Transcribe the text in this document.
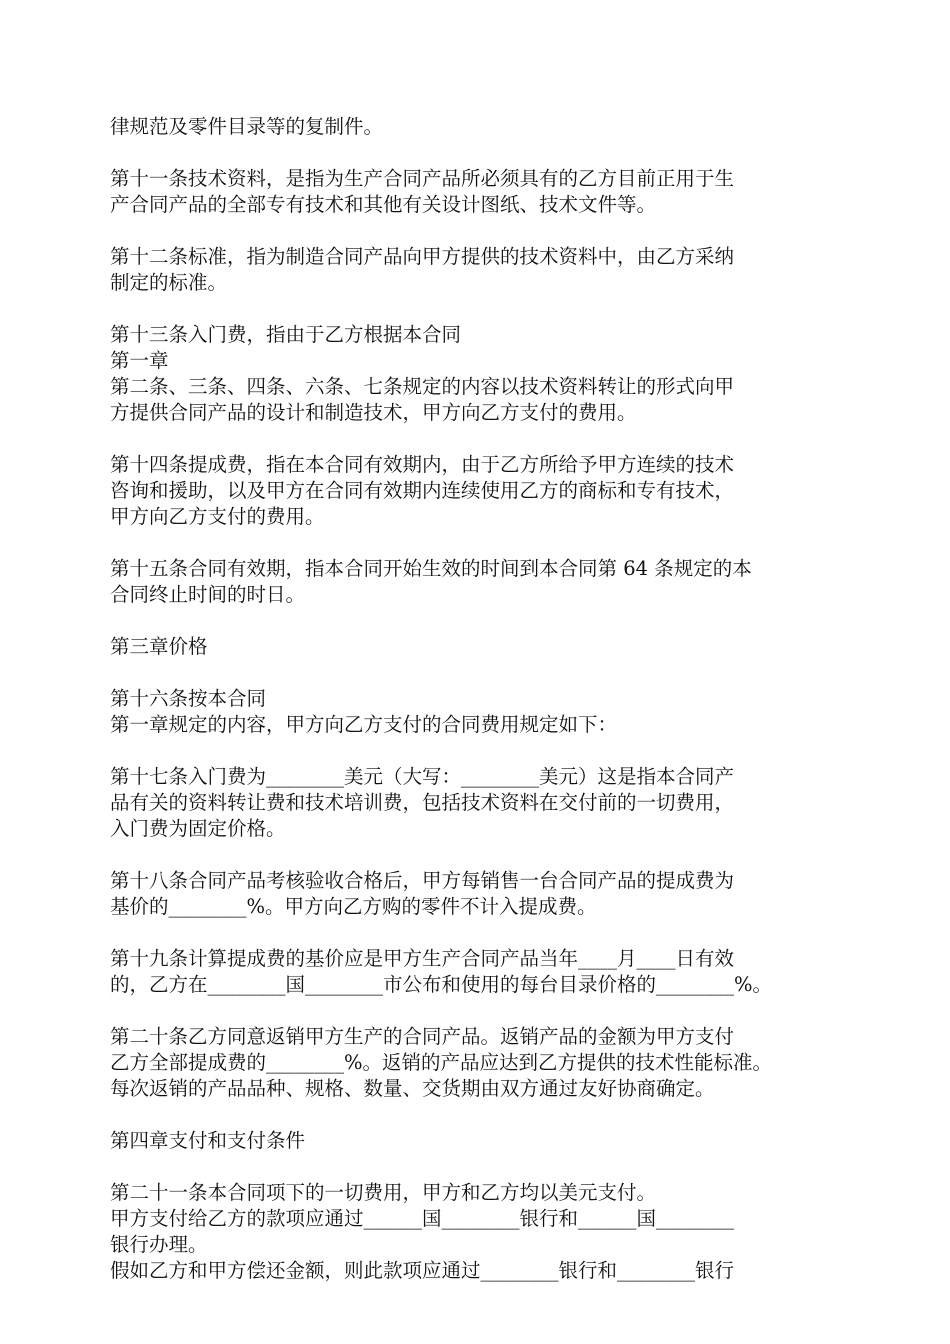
律规范及零件目录等的复制件。
第十一条技术资料，是指为生产合同产品所必须具有的乙方目前正用于生
产合同产品的全部专有技术和其他有关设计图纸、技术文件等。
第十二条标准，指为制造合同产品向甲方提供的技术资料中，由乙方采纳
制定的标准。
第十三条入门费，指由于乙方根据本合同
第一章
第二条、三条、四条、六条、七条规定的内容以技术资料转让的形式向甲
方提供合同产品的设计和制造技术，甲方向乙方支付的费用。
第十四条提成费，指在本合同有效期内，由于乙方所给予甲方连续的技术
咨询和援助，以及甲方在合同有效期内连续使用乙方的商标和专有技术，
甲方向乙方支付的费用。
第十五条合同有效期，指本合同开始生效的时间到本合同第 64 条规定的本
合同终止时间的时日。
第三章价格
第十六条按本合同
第一章规定的内容，甲方向乙方支付的合同费用规定如下：
第十七条入门费为________美元（大写：________美元）这是指本合同产
品有关的资料转让费和技术培训费，包括技术资料在交付前的一切费用，
入门费为固定价格。
第十八条合同产品考核验收合格后，甲方每销售一台合同产品的提成费为
基价的________%。甲方向乙方购的零件不计入提成费。
第十九条计算提成费的基价应是甲方生产合同产品当年____月____日有效
的，乙方在________国________市公布和使用的每台目录价格的________%。
第二十条乙方同意返销甲方生产的合同产品。返销产品的金额为甲方支付
乙方全部提成费的________%。返销的产品应达到乙方提供的技术性能标准。
每次返销的产品品种、规格、数量、交货期由双方通过友好协商确定。
第四章支付和支付条件
第二十一条本合同项下的一切费用，甲方和乙方均以美元支付。
甲方支付给乙方的款项应通过______国________银行和______国________
银行办理。
假如乙方和甲方偿还金额，则此款项应通过________银行和________银行
